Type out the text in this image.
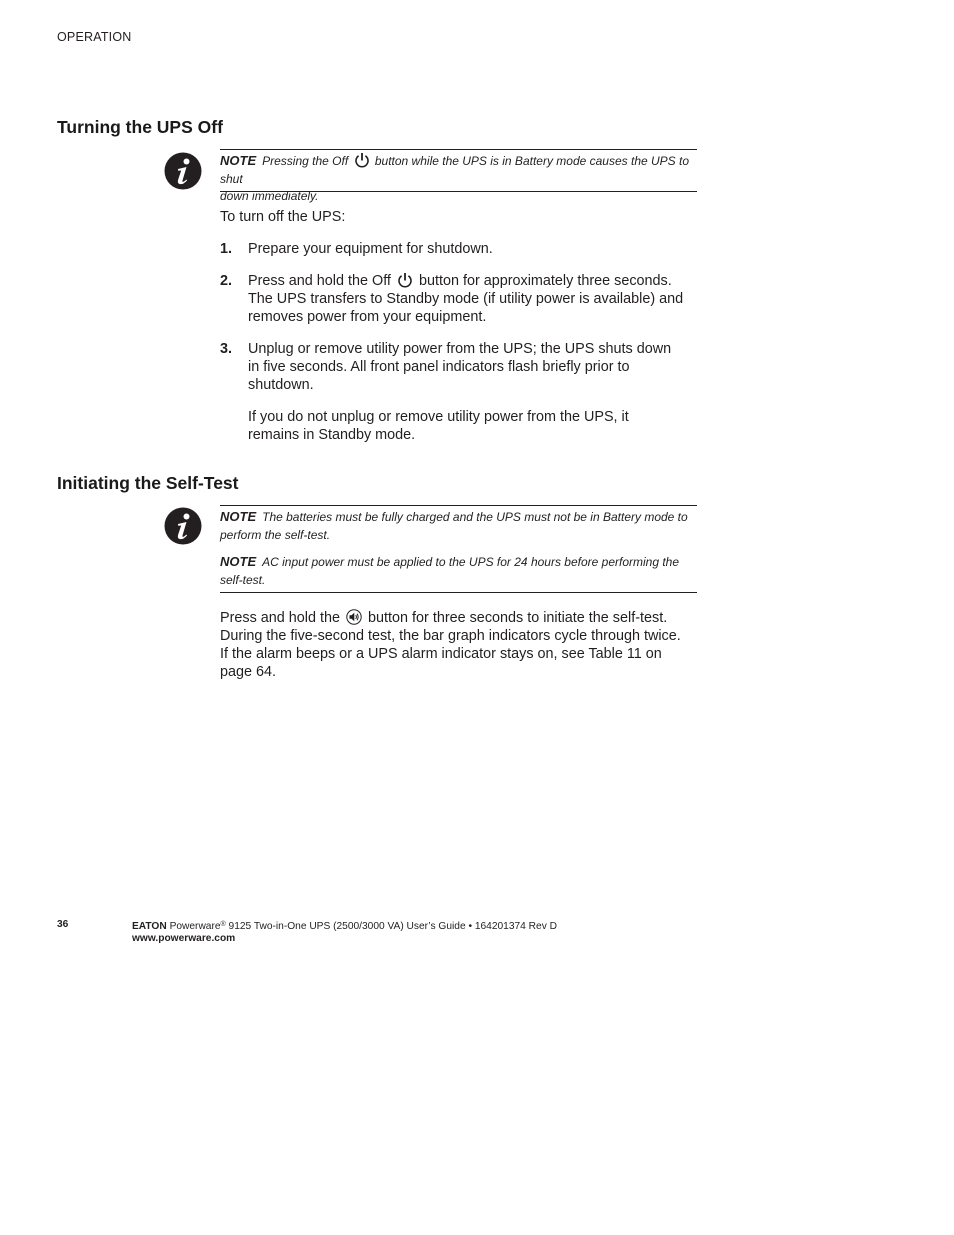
OPERATION
Turning the UPS Off

NOTE Pressing the Off button while the UPS is in Battery mode causes the UPS to shut

down immediately.

To turn off the UPS:

1. Prepare your equipment for shutdown.
2. Press and hold the Off button for approximately three seconds.
The UPS transfers to Standby mode (if utility power is available) and
removes power from your equipment.
3. Unplug or remove utility power from the UPS; the UPS shuts down
in five seconds. All front panel indicators flash briefly prior to
shutdown.
If you do not unplug or remove utility power from the UPS, it
remains in Standby mode.
Initiating the Self-Test

NOTE The batteries must be fully charged and the UPS must not be in Battery mode to

perform the self-test.

NOTE AC input power must be applied to the UPS for 24 hours before performing the

self-test.

Press and hold the button for three seconds to initiate the self-test.
During the five-second test, the bar graph indicators cycle through twice.
If the alarm beeps or a UPS alarm indicator stays on, see Table 11 on
page 64.
36	EATON Powerware® 9125 Two-in-One UPS (2500/3000 VA) User’s Guide • 164201374 Rev D
www.powerware.com
